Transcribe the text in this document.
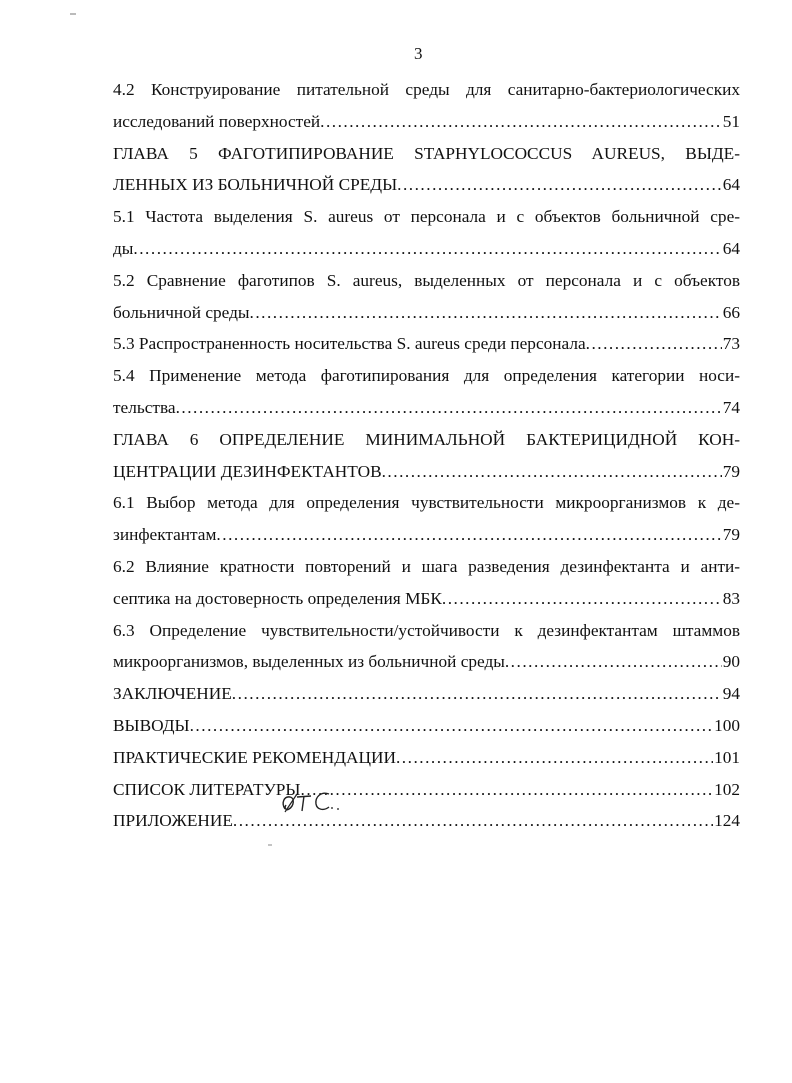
3
4.2 Конструирование питательной среды для санитарно-бактериологических
исследований поверхностей .....	51
ГЛАВА 5 ФАГОТИПИРОВАНИЕ STAPHYLOCOCCUS AUREUS, ВЫДЕ-
ЛЕННЫХ ИЗ БОЛЬНИЧНОЙ СРЕДЫ .....	64
5.1 Частота выделения S. aureus от персонала и с объектов больничной сре-
ды .....	64
5.2 Сравнение фаготипов S. aureus, выделенных от персонала и с объектов
больничной среды .....	66
5.3 Распространенность носительства S. aureus среди персонала .....	73
5.4 Применение метода фаготипирования для определения категории носи-
тельства .....	74
ГЛАВА 6 ОПРЕДЕЛЕНИЕ МИНИМАЛЬНОЙ БАКТЕРИЦИДНОЙ КОН-
ЦЕНТРАЦИИ ДЕЗИНФЕКТАНТОВ .....	79
6.1 Выбор метода для определения чувствительности микроорганизмов к де-
зинфектантам .....	79
6.2 Влияние кратности повторений и шага разведения дезинфектанта и анти-
септика на достоверность определения МБК .....	83
6.3 Определение чувствительности/устойчивости к дезинфектантам штаммов
микроорганизмов, выделенных из больничной среды .....	90
ЗАКЛЮЧЕНИЕ .....	94
ВЫВОДЫ .....	100
ПРАКТИЧЕСКИЕ РЕКОМЕНДАЦИИ .....	101
СПИСОК ЛИТЕРАТУРЫ .....	102
ПРИЛОЖЕНИЕ .....	124
